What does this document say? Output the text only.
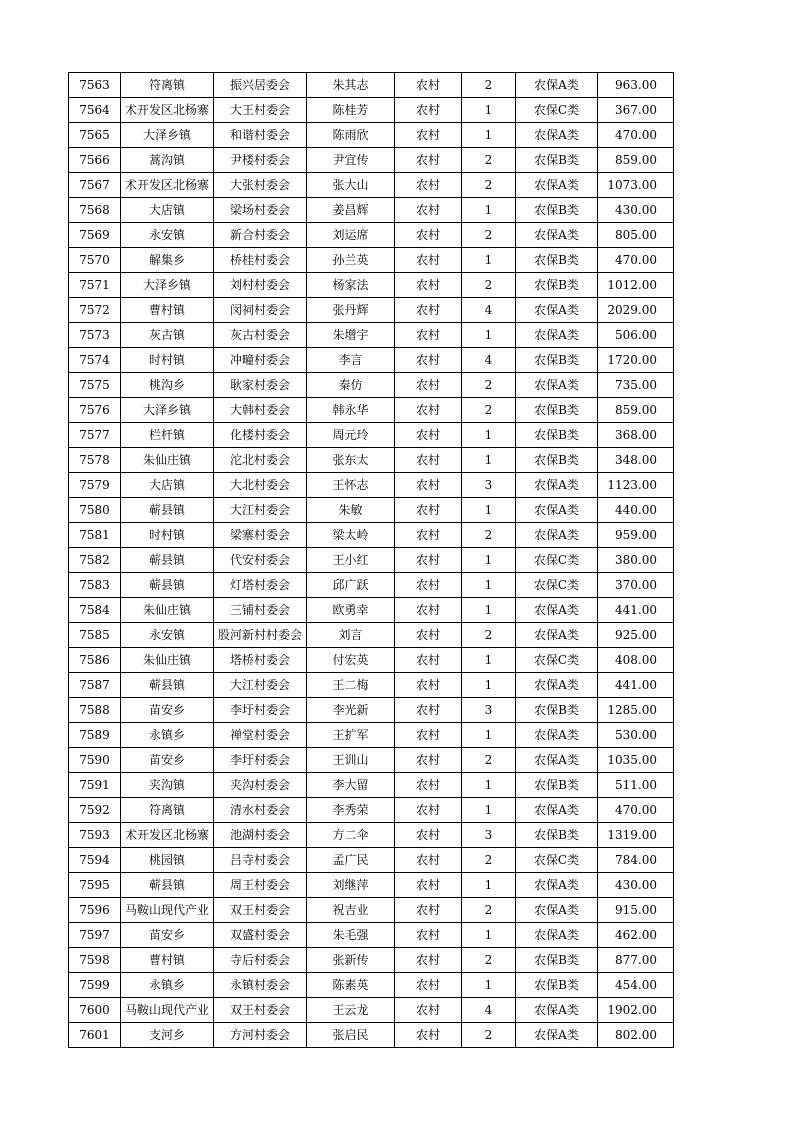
7563	符离镇	振兴居委会	朱其志	农村	2	农保A类	963.00
7564	术开发区北杨寨	大王村委会	陈桂芳	农村	1	农保C类	367.00
7565	大泽乡镇	和谐村委会	陈雨欣	农村	1	农保A类	470.00
7566	蒿沟镇	尹楼村委会	尹宜传	农村	2	农保B类	859.00
7567	术开发区北杨寨	大张村委会	张大山	农村	2	农保A类	1073.00
7568	大店镇	梁场村委会	姜昌辉	农村	1	农保B类	430.00
7569	永安镇	新合村委会	刘运席	农村	2	农保A类	805.00
7570	解集乡	桥桂村委会	孙兰英	农村	1	农保B类	470.00
7571	大泽乡镇	刘村村委会	杨家法	农村	2	农保B类	1012.00
7572	曹村镇	闵祠村委会	张丹辉	农村	4	农保A类	2029.00
7573	灰古镇	灰古村委会	朱增宇	农村	1	农保A类	506.00
7574	时村镇	冲疃村委会	李言	农村	4	农保B类	1720.00
7575	桃沟乡	耿家村委会	秦仿	农村	2	农保A类	735.00
7576	大泽乡镇	大韩村委会	韩永华	农村	2	农保B类	859.00
7577	栏杆镇	化楼村委会	周元玲	农村	1	农保B类	368.00
7578	朱仙庄镇	沱北村委会	张东太	农村	1	农保B类	348.00
7579	大店镇	大北村委会	王怀志	农村	3	农保A类	1123.00
7580	蕲县镇	大江村委会	朱敏	农村	1	农保A类	440.00
7581	时村镇	梁寨村委会	梁太岭	农村	2	农保A类	959.00
7582	蕲县镇	代安村委会	王小红	农村	1	农保C类	380.00
7583	蕲县镇	灯塔村委会	邱广跃	农村	1	农保C类	370.00
7584	朱仙庄镇	三铺村委会	欧勇幸	农村	1	农保A类	441.00
7585	永安镇	股河新村村委会	刘言	农村	2	农保A类	925.00
7586	朱仙庄镇	塔桥村委会	付宏英	农村	1	农保C类	408.00
7587	蕲县镇	大江村委会	王二梅	农村	1	农保A类	441.00
7588	苗安乡	李圩村委会	李光新	农村	3	农保B类	1285.00
7589	永镇乡	禅堂村委会	王扩军	农村	1	农保A类	530.00
7590	苗安乡	李圩村委会	王训山	农村	2	农保A类	1035.00
7591	夹沟镇	夹沟村委会	李大留	农村	1	农保B类	511.00
7592	符离镇	清水村委会	李秀荣	农村	1	农保A类	470.00
7593	术开发区北杨寨	池湖村委会	方二伞	农村	3	农保B类	1319.00
7594	桃园镇	吕寺村委会	孟广民	农村	2	农保C类	784.00
7595	蕲县镇	周王村委会	刘继萍	农村	1	农保A类	430.00
7596	马鞍山现代产业	双王村委会	祝吉业	农村	2	农保A类	915.00
7597	苗安乡	双盛村委会	朱毛强	农村	1	农保A类	462.00
7598	曹村镇	寺后村委会	张新传	农村	2	农保B类	877.00
7599	永镇乡	永镇村委会	陈素英	农村	1	农保B类	454.00
7600	马鞍山现代产业	双王村委会	王云龙	农村	4	农保A类	1902.00
7601	支河乡	方河村委会	张启民	农村	2	农保A类	802.00
